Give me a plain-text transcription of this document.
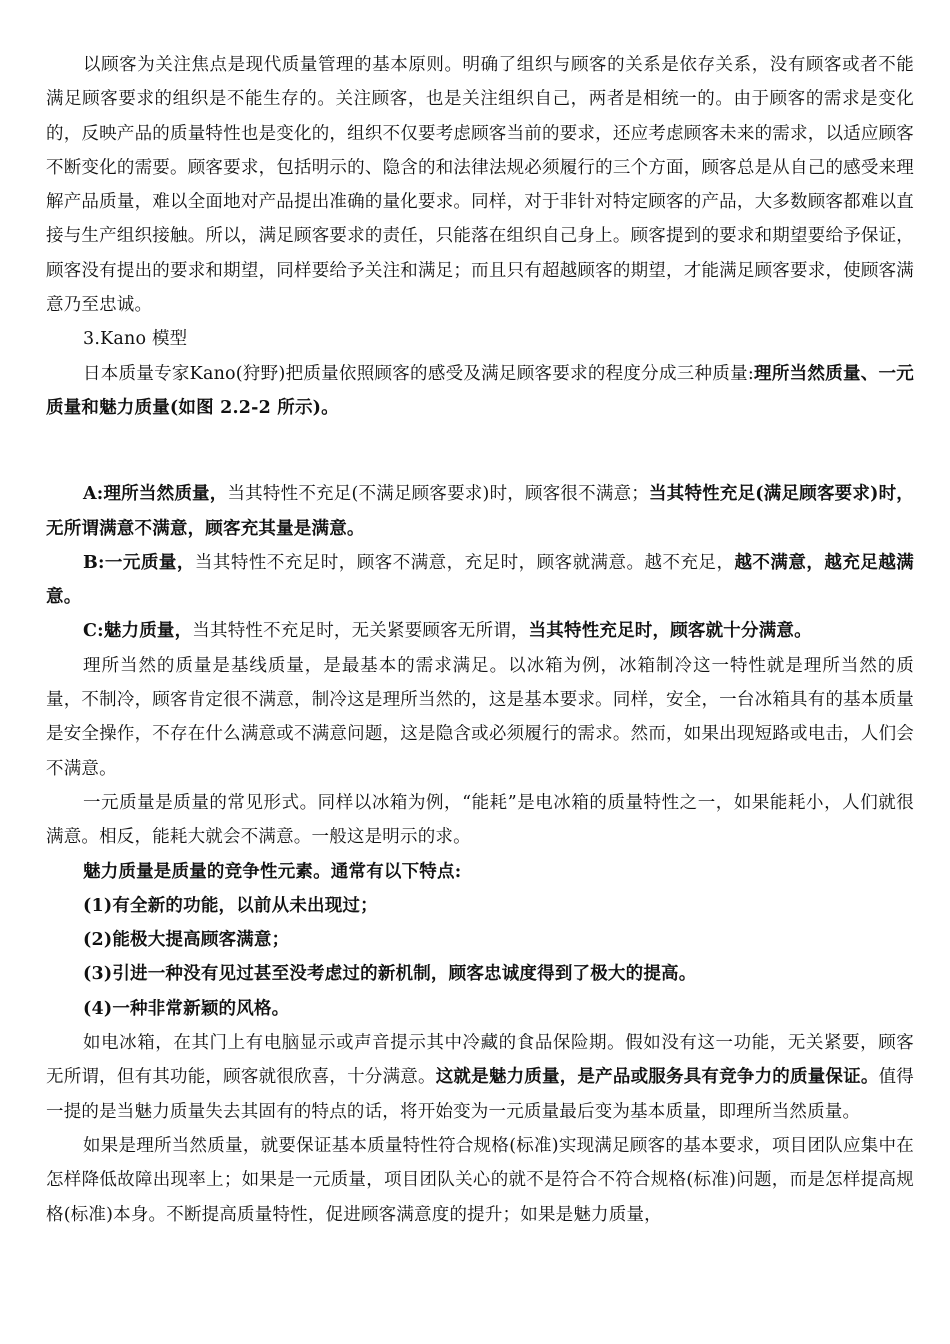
以顾客为关注焦点是现代质量管理的基本原则。明确了组织与顾客的关系是依存关系，没有顾客或者不能满足顾客要求的组织是不能生存的。关注顾客，也是关注组织自己，两者是相统一的。由于顾客的需求是变化的，反映产品的质量特性也是变化的，组织不仅要考虑顾客当前的要求，还应考虑顾客未来的需求，以适应顾客不断变化的需要。顾客要求，包括明示的、隐含的和法律法规必须履行的三个方面，顾客总是从自己的感受来理解产品质量，难以全面地对产品提出准确的量化要求。同样，对于非针对特定顾客的产品，大多数顾客都难以直接与生产组织接触。所以，满足顾客要求的责任，只能落在组织自己身上。顾客提到的要求和期望要给予保证，顾客没有提出的要求和期望，同样要给予关注和满足；而且只有超越顾客的期望，才能满足顾客要求，使顾客满意乃至忠诚。

3.Kano 模型

日本质量专家Kano(狩野)把质量依照顾客的感受及满足顾客要求的程度分成三种质量:理所当然质量、一元质量和魅力质量(如图 2.2-2 所示)。

A:理所当然质量，当其特性不充足(不满足顾客要求)时，顾客很不满意；当其特性充足(满足顾客要求)时，无所谓满意不满意，顾客充其量是满意。

B:一元质量，当其特性不充足时，顾客不满意，充足时，顾客就满意。越不充足，越不满意，越充足越满意。

C:魅力质量，当其特性不充足时，无关紧要顾客无所谓，当其特性充足时，顾客就十分满意。

理所当然的质量是基线质量，是最基本的需求满足。以冰箱为例，冰箱制冷这一特性就是理所当然的质量，不制冷，顾客肯定很不满意，制冷这是理所当然的，这是基本要求。同样，安全，一台冰箱具有的基本质量是安全操作，不存在什么满意或不满意问题，这是隐含或必须履行的需求。然而，如果出现短路或电击，人们会不满意。

一元质量是质量的常见形式。同样以冰箱为例，“能耗”是电冰箱的质量特性之一，如果能耗小，人们就很满意。相反，能耗大就会不满意。一般这是明示的求。

魅力质量是质量的竞争性元素。通常有以下特点:

(1)有全新的功能，以前从未出现过；

(2)能极大提高顾客满意；

(3)引进一种没有见过甚至没考虑过的新机制，顾客忠诚度得到了极大的提高。

(4)一种非常新颖的风格。

如电冰箱，在其门上有电脑显示或声音提示其中冷藏的食品保险期。假如没有这一功能，无关紧要，顾客无所谓，但有其功能，顾客就很欣喜，十分满意。这就是魅力质量，是产品或服务具有竞争力的质量保证。值得一提的是当魅力质量失去其固有的特点的话，将开始变为一元质量最后变为基本质量，即理所当然质量。

如果是理所当然质量，就要保证基本质量特性符合规格(标准)实现满足顾客的基本要求，项目团队应集中在怎样降低故障出现率上；如果是一元质量，项目团队关心的就不是符合不符合规格(标准)问题，而是怎样提高规格(标准)本身。不断提高质量特性，促进顾客满意度的提升；如果是魅力质量，
